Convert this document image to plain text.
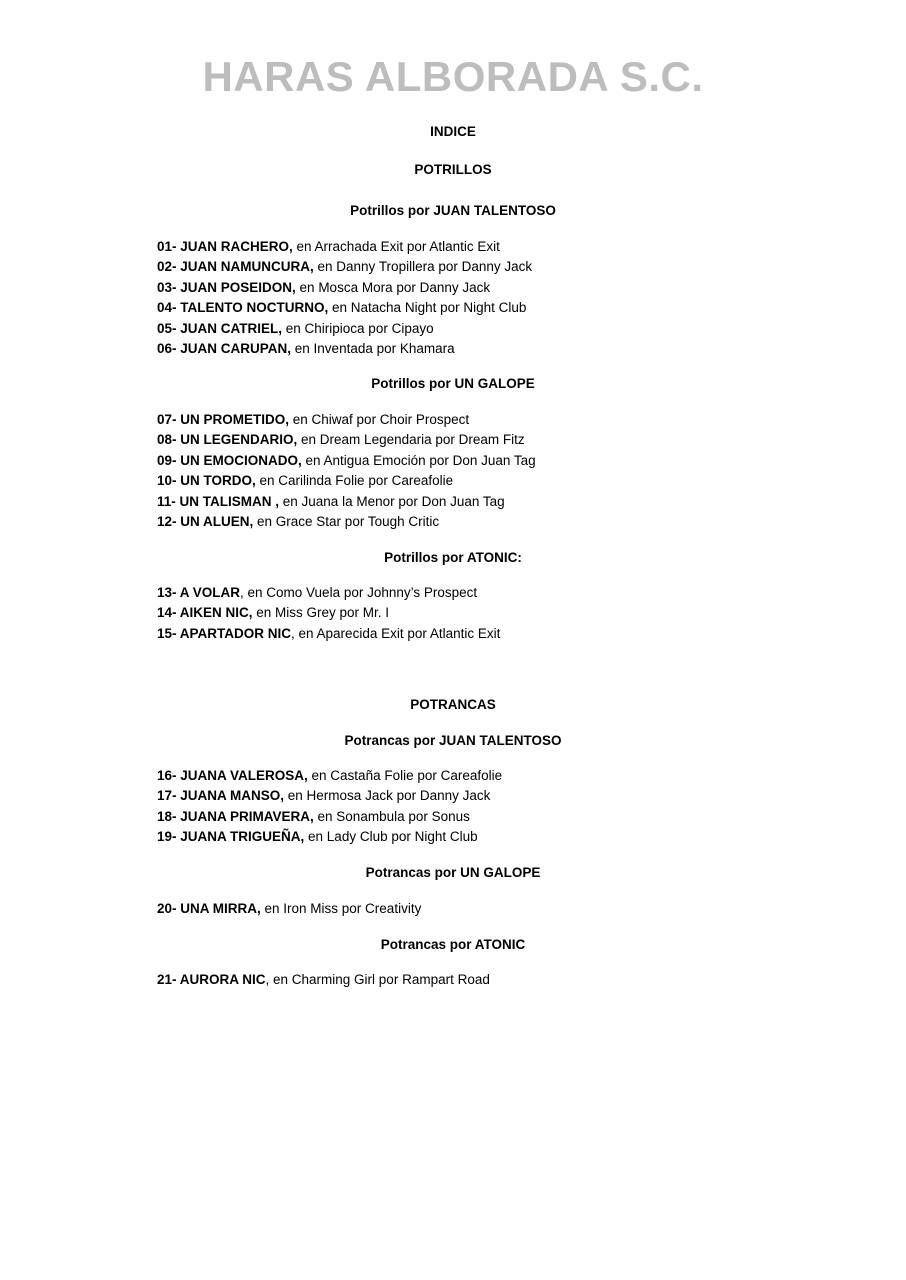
HARAS ALBORADA S.C.
INDICE
POTRILLOS
Potrillos por JUAN TALENTOSO
01- JUAN RACHERO, en Arrachada Exit por Atlantic Exit
02- JUAN NAMUNCURA, en Danny Tropillera por Danny Jack
03- JUAN POSEIDON, en Mosca Mora por Danny Jack
04- TALENTO NOCTURNO, en Natacha Night por Night Club
05- JUAN CATRIEL, en Chiripioca por Cipayo
06- JUAN CARUPAN, en Inventada por Khamara
Potrillos por UN GALOPE
07- UN PROMETIDO, en Chiwaf por Choir Prospect
08- UN LEGENDARIO, en Dream Legendaria por Dream Fitz
09- UN EMOCIONADO, en Antigua Emoción por Don Juan Tag
10- UN TORDO, en Carilinda Folie por Careafolie
11- UN TALISMAN , en Juana la Menor por Don Juan Tag
12- UN ALUEN, en Grace Star por Tough Critic
Potrillos por ATONIC:
13- A VOLAR, en Como Vuela por Johnny’s Prospect
14- AIKEN NIC, en Miss Grey por Mr. I
15- APARTADOR NIC, en Aparecida Exit por Atlantic Exit
POTRANCAS
Potrancas por JUAN TALENTOSO
16- JUANA VALEROSA, en Castaña Folie por Careafolie
17- JUANA MANSO, en Hermosa Jack por Danny Jack
18- JUANA PRIMAVERA, en Sonambula por Sonus
19- JUANA TRIGUEÑA, en Lady Club por Night Club
Potrancas por UN GALOPE
20- UNA MIRRA, en Iron Miss por Creativity
Potrancas por ATONIC
21- AURORA NIC, en Charming Girl por Rampart Road
